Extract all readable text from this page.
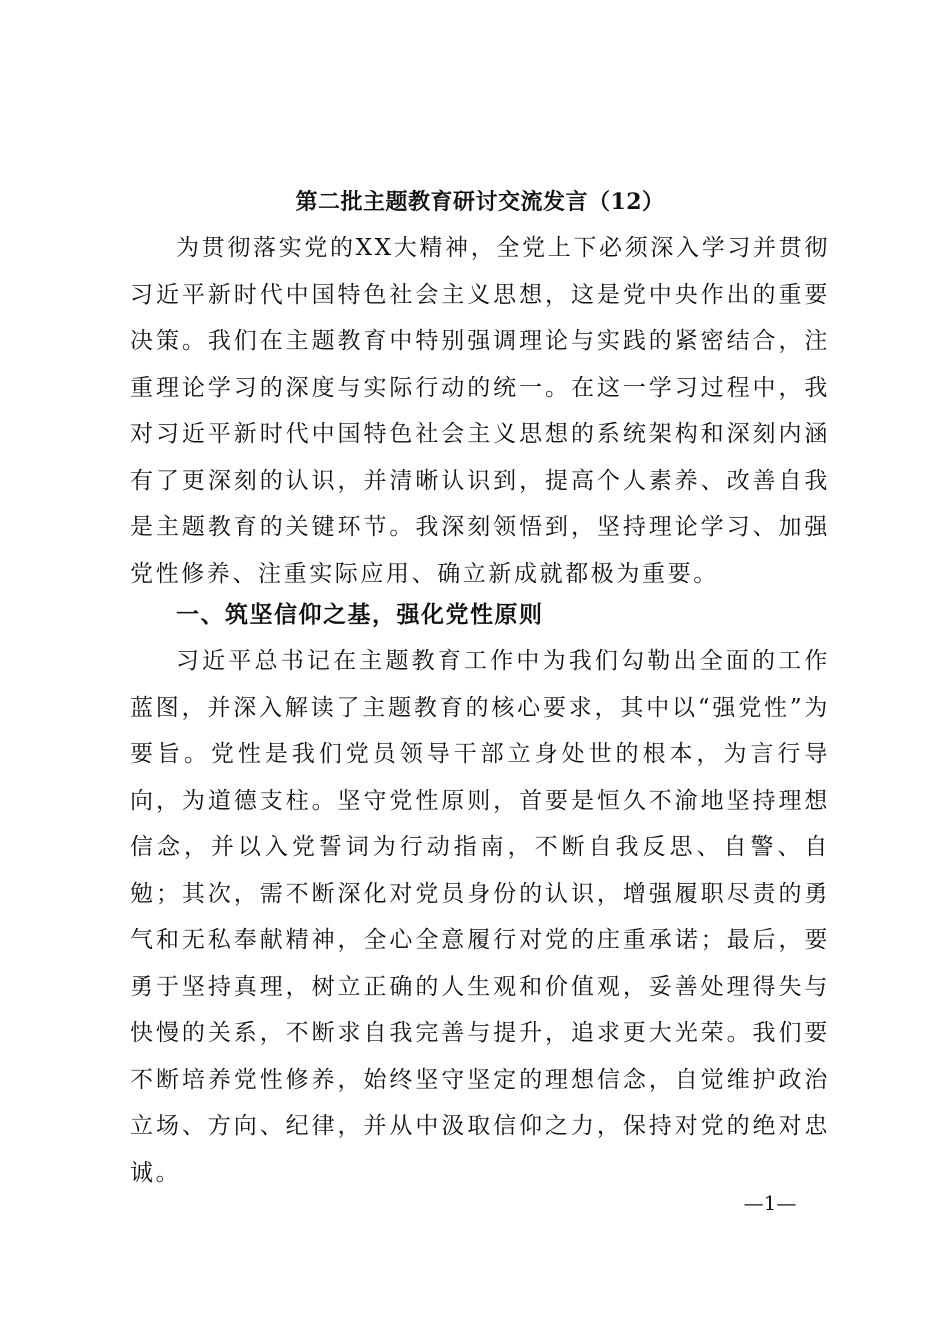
第二批主题教育研讨交流发言（12）

为贯彻落实党的XX大精神，全党上下必须深入学习并贯彻习近平新时代中国特色社会主义思想，这是党中央作出的重要决策。我们在主题教育中特别强调理论与实践的紧密结合，注重理论学习的深度与实际行动的统一。在这一学习过程中，我对习近平新时代中国特色社会主义思想的系统架构和深刻内涵有了更深刻的认识，并清晰认识到，提高个人素养、改善自我是主题教育的关键环节。我深刻领悟到，坚持理论学习、加强党性修养、注重实际应用、确立新成就都极为重要。

一、筑坚信仰之基，强化党性原则

习近平总书记在主题教育工作中为我们勾勒出全面的工作蓝图，并深入解读了主题教育的核心要求，其中以“强党性”为要旨。党性是我们党员领导干部立身处世的根本，为言行导向，为道德支柱。坚守党性原则，首要是恒久不渝地坚持理想信念，并以入党誓词为行动指南，不断自我反思、自警、自勉；其次，需不断深化对党员身份的认识，增强履职尽责的勇气和无私奉献精神，全心全意履行对党的庄重承诺；最后，要勇于坚持真理，树立正确的人生观和价值观，妥善处理得失与快慢的关系，不断求自我完善与提升，追求更大光荣。我们要不断培养党性修养，始终坚守坚定的理想信念，自觉维护政治立场、方向、纪律，并从中汲取信仰之力，保持对党的绝对忠诚。

—1—
